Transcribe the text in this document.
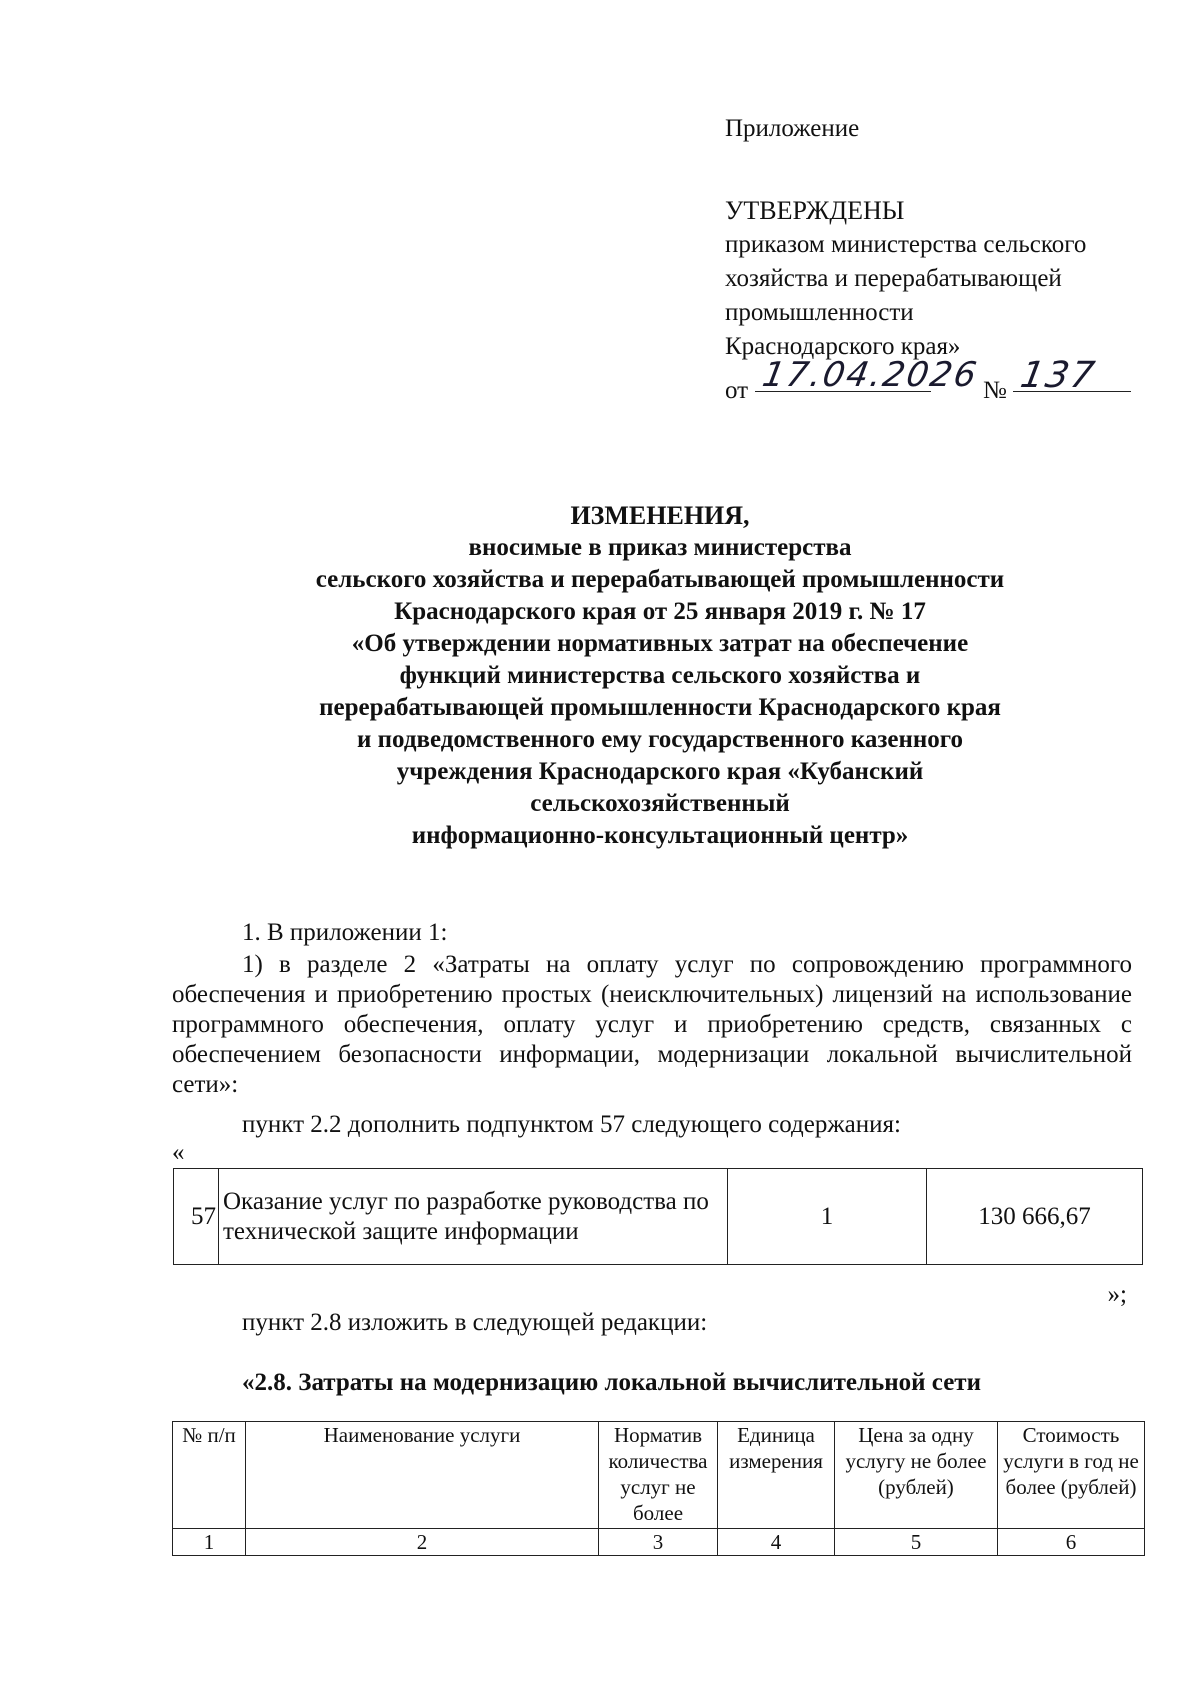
Приложение
УТВЕРЖДЕНЫ
приказом министерства сельского
хозяйства и перерабатывающей
промышленности
Краснодарского края»
от 17.04.2026 № 137
ИЗМЕНЕНИЯ,
вносимые в приказ министерства
сельского хозяйства и перерабатывающей промышленности
Краснодарского края от 25 января 2019 г. № 17
«Об утверждении нормативных затрат на обеспечение
функций министерства сельского хозяйства и
перерабатывающей промышленности Краснодарского края
и подведомственного ему государственного казенного
учреждения Краснодарского края «Кубанский
сельскохозяйственный
информационно-консультационный центр»
1. В приложении 1:
1) в разделе 2 «Затраты на оплату услуг по сопровождению программного обеспечения и приобретению простых (неисключительных) лицензий на использование программного обеспечения, оплату услуг и приобретению средств, связанных с обеспечением безопасности информации, модернизации локальной вычислительной сети»:
пункт 2.2 дополнить подпунктом 57 следующего содержания:
«
57	Оказание услуг по разработке руководства по технической защите информации	1	130 666,67
»;
пункт 2.8 изложить в следующей редакции:
«2.8. Затраты на модернизацию локальной вычислительной сети
№ п/п	Наименование услуги	Норматив количества услуг не более	Единица измерения	Цена за одну услугу не более (рублей)	Стоимость услуги в год не более (рублей)
1	2	3	4	5	6
